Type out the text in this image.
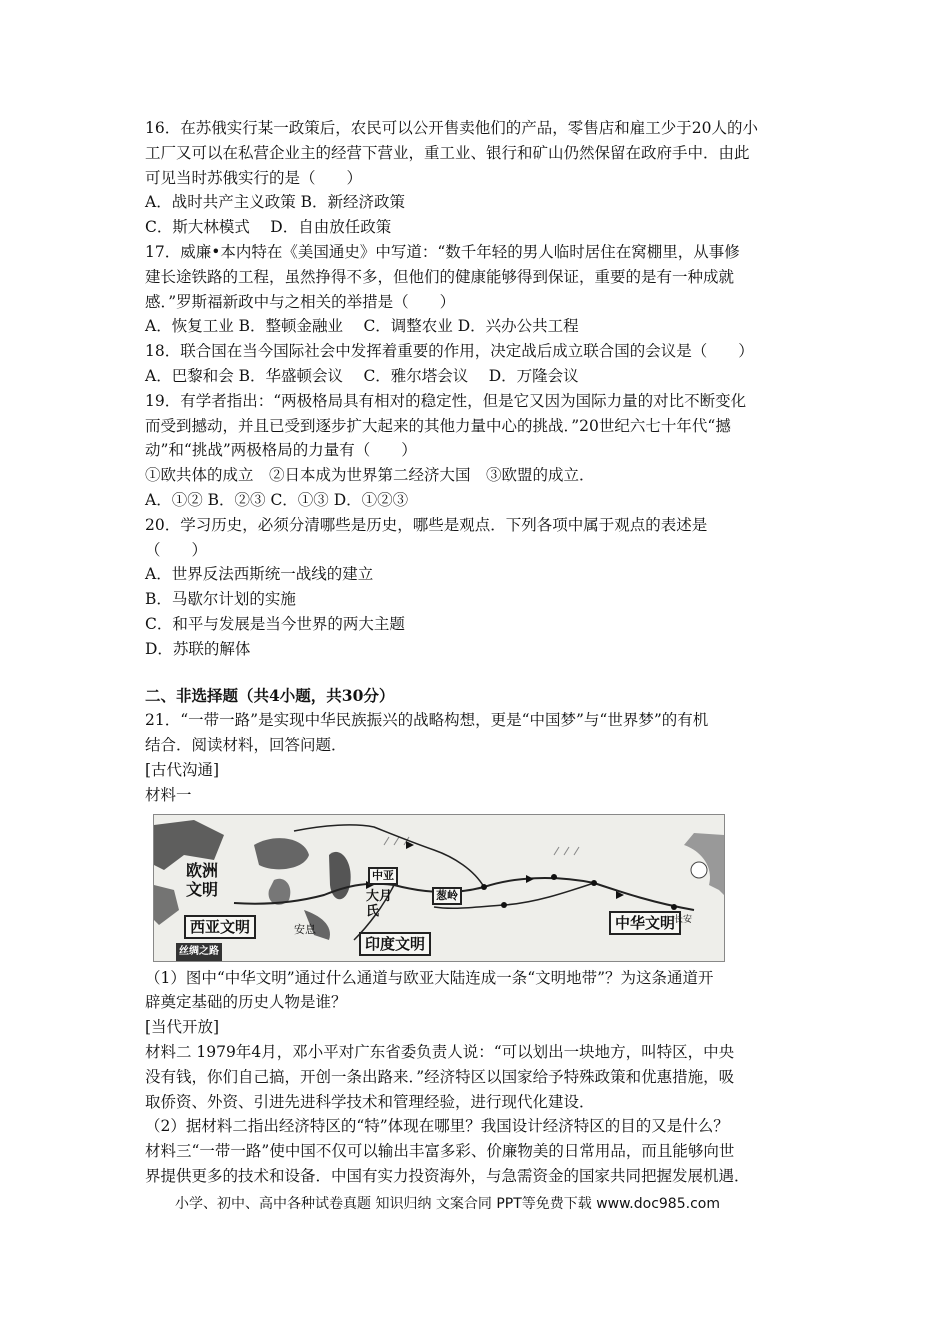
16．在苏俄实行某一政策后，农民可以公开售卖他们的产品，零售店和雇工少于20人的小
工厂又可以在私营企业主的经营下营业，重工业、银行和矿山仍然保留在政府手中．由此
可见当时苏俄实行的是（　　）
A．战时共产主义政策 B．新经济政策
C．斯大林模式　 D．自由放任政策
17．威廉•本内特在《美国通史》中写道：“数千年轻的男人临时居住在窝棚里，从事修
建长途铁路的工程，虽然挣得不多，但他们的健康能够得到保证，重要的是有一种成就
感．”罗斯福新政中与之相关的举措是（　　）
A．恢复工业 B．整顿金融业　 C．调整农业 D．兴办公共工程
18．联合国在当今国际社会中发挥着重要的作用，决定战后成立联合国的会议是（　　）
A．巴黎和会 B．华盛顿会议　 C．雅尔塔会议　 D．万隆会议
19．有学者指出：“两极格局具有相对的稳定性，但是它又因为国际力量的对比不断变化
而受到撼动，并且已受到逐步扩大起来的其他力量中心的挑战．”20世纪六七十年代“撼
动”和“挑战”两极格局的力量有（　　）
①欧共体的成立　②日本成为世界第二经济大国　③欧盟的成立．
A．①② B．②③ C．①③ D．①②③
20．学习历史，必须分清哪些是历史，哪些是观点．下列各项中属于观点的表述是
（　　）
A．世界反法西斯统一战线的建立
B．马歇尔计划的实施
C．和平与发展是当今世界的两大主题
D．苏联的解体
二、非选择题（共4小题，共30分）
21．“一带一路”是实现中华民族振兴的战略构想，更是“中国梦”与“世界梦”的有机
结合．阅读材料，回答问题．
[古代沟通]
材料一
欧洲文明
西亚文明
印度文明
中华文明
中亚
大月氏
葱岭
安息
长安
丝绸之路
（1）图中“中华文明”通过什么通道与欧亚大陆连成一条“文明地带”？为这条通道开
辟奠定基础的历史人物是谁？
[当代开放]
材料二 1979年4月，邓小平对广东省委负责人说：“可以划出一块地方，叫特区，中央
没有钱，你们自己搞，开创一条出路来．”经济特区以国家给予特殊政策和优惠措施，吸
取侨资、外资、引进先进科学技术和管理经验，进行现代化建设．
（2）据材料二指出经济特区的“特”体现在哪里？我国设计经济特区的目的又是什么？
材料三“一带一路”使中国不仅可以输出丰富多彩、价廉物美的日常用品，而且能够向世
界提供更多的技术和设备．中国有实力投资海外，与急需资金的国家共同把握发展机遇．
小学、初中、高中各种试卷真题 知识归纳 文案合同 PPT等免费下载 www.doc985.com
